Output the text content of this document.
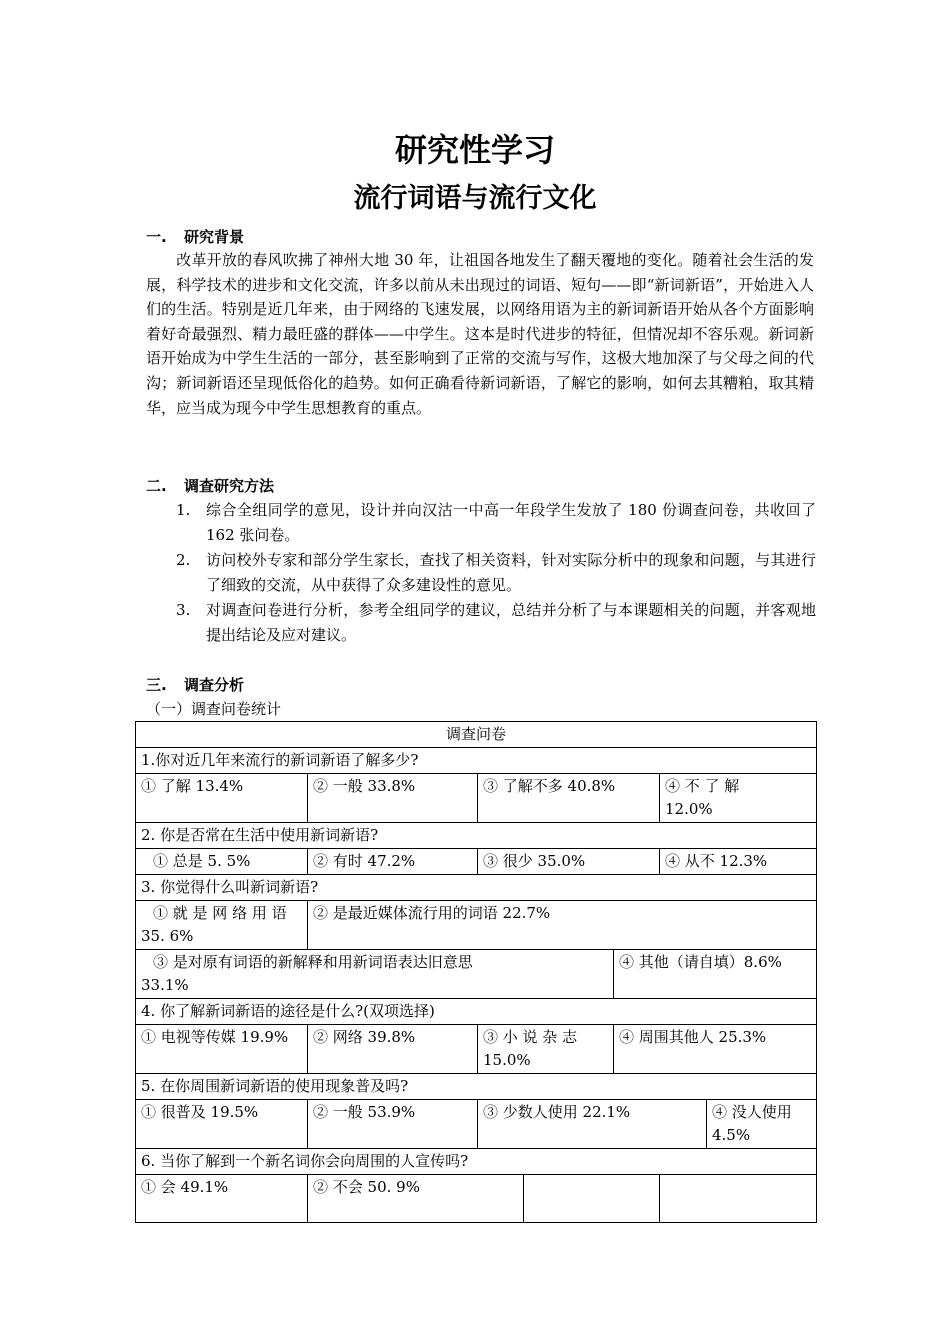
研究性学习
流行词语与流行文化
一. 研究背景
改革开放的春风吹拂了神州大地 30 年，让祖国各地发生了翻天覆地的变化。随着社会生活的发展，科学技术的进步和文化交流，许多以前从未出现过的词语、短句——即“新词新语”，开始进入人们的生活。特别是近几年来，由于网络的飞速发展，以网络用语为主的新词新语开始从各个方面影响着好奇最强烈、精力最旺盛的群体——中学生。这本是时代进步的特征，但情况却不容乐观。新词新语开始成为中学生生活的一部分，甚至影响到了正常的交流与写作，这极大地加深了与父母之间的代沟；新词新语还呈现低俗化的趋势。如何正确看待新词新语，了解它的影响，如何去其糟粕，取其精华，应当成为现今中学生思想教育的重点。
二. 调查研究方法
1. 综合全组同学的意见，设计并向汉沽一中高一年段学生发放了 180 份调查问卷，共收回了 162 张问卷。
2. 访问校外专家和部分学生家长，查找了相关资料，针对实际分析中的现象和问题，与其进行了细致的交流，从中获得了众多建设性的意见。
3. 对调查问卷进行分析，参考全组同学的建议，总结并分析了与本课题相关的问题，并客观地提出结论及应对建议。
三. 调查分析
（一）调查问卷统计
调查问卷						
1.你对近几年来流行的新词新语了解多少?						
① 了解 13.4%	② 一般 33.8%	③ 了解不多 40.8%			④ 不 了 解
12.0%	

2. 你是否常在生活中使用新词新语?						
① 总是 5. 5%	② 有时 47.2%	③ 很少 35.0%			④ 从不 12.3%	
3. 你觉得什么叫新词新语?						

① 就 是 网 络 用 语
35. 6%	② 是最近媒体流行用的词语 22.7%					

③ 是对原有词语的新解释和用新词语表达旧意思
33.1%				④ 其他（请自填）8.6%		
4. 你了解新词新语的途径是什么?(双项选择)						
① 电视等传媒 19.9%	② 网络 39.8%	③ 小 说 杂 志
15.0%		④ 周围其他人 25.3%		
5. 在你周围新词新语的使用现象普及吗?						
① 很普及 19.5%	② 一般 53.9%	③ 少数人使用 22.1%				④ 没人使用 4.5%
6. 当你了解到一个新名词你会向周围的人宣传吗?						
① 会 49.1%	② 不会 50. 9%					
